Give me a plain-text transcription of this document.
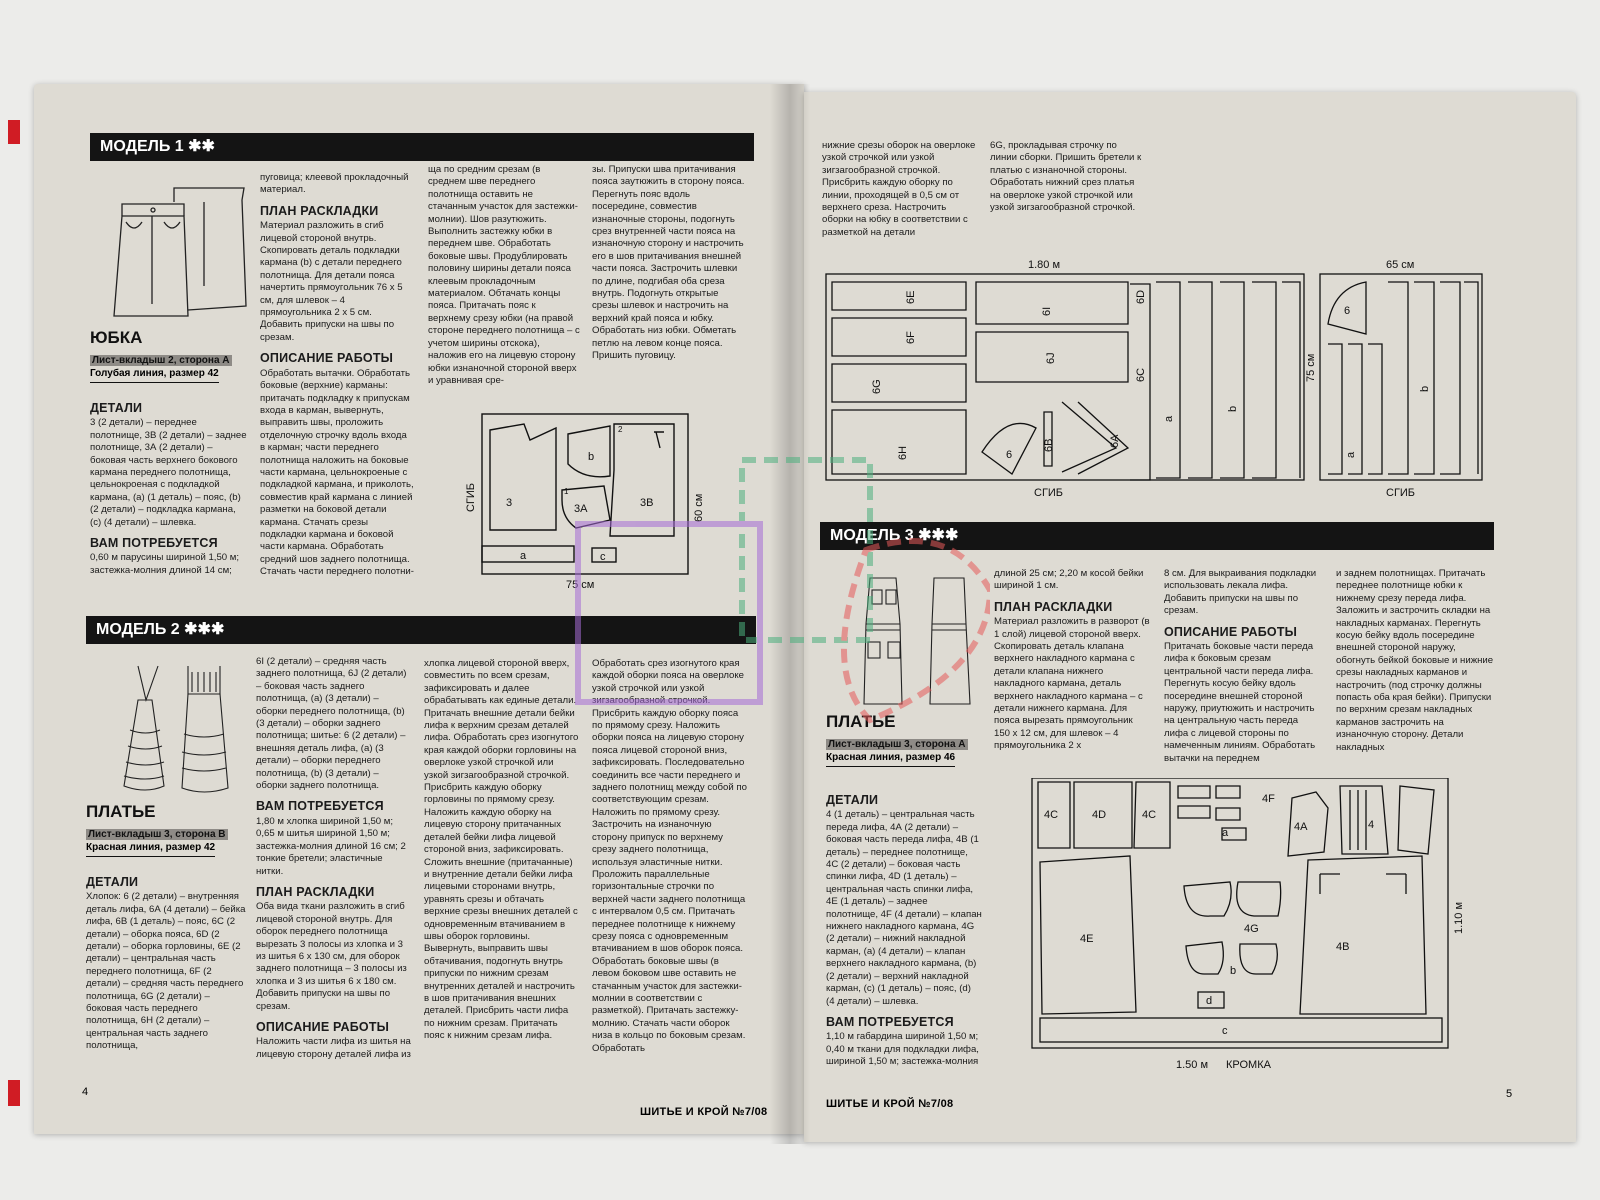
МОДЕЛЬ 1 ✱✱
ЮБКА
Лист-вкладыш 2, сторона А
Голубая линия, размер 42
ДЕТАЛИ

3 (2 детали) – переднее полотнище, 3В (2 детали) – заднее полотнище, 3А (2 детали) – боковая часть верхнего бокового кармана переднего полотнища, цельнокроеная с подкладкой кармана, (а) (1 деталь) – пояс, (b) (2 детали) – подкладка кармана, (с) (4 детали) – шлевка.

ВАМ ПОТРЕБУЕТСЯ

0,60 м парусины шириной 1,50 м; застежка-молния длиной 14 см;

пуговица; клеевой прокладочный материал.

ПЛАН РАСКЛАДКИ

Материал разложить в сгиб лицевой стороной внутрь. Скопировать деталь подкладки кармана (b) с детали переднего полотнища. Для детали пояса начертить прямоугольник 76 х 5 см, для шлевок – 4 прямоугольника 2 х 5 см. Добавить припуски на швы по срезам.

ОПИСАНИЕ РАБОТЫ

Обработать вытачки. Обработать боковые (верхние) карманы: притачать подкладку к припускам входа в карман, вывернуть, выправить швы, проложить отделочную строчку вдоль входа в карман; части переднего полотнища наложить на боковые части кармана, цельнокроеные с подкладкой кармана, и приколоть, совместив край кармана с линией разметки на боковой детали кармана. Стачать срезы подкладки кармана и боковой части кармана. Обработать средний шов заднего полотнища. Стачать части переднего полотни-

ща по средним срезам (в среднем шве переднего полотнища оставить не стачанным участок для застежки-молнии). Шов разутюжить. Выполнить застежку юбки в переднем шве. Обработать боковые швы. Продублировать половину ширины детали пояса клеевым прокладочным материалом. Обтачать концы пояса. Притачать пояс к верхнему срезу юбки (на правой стороне переднего полотнища – с учетом ширины отскока), наложив его на лицевую сторону юбки изнаночной стороной вверх и уравнивая сре-

зы. Припуски шва притачивания пояса заутюжить в сторону пояса. Перегнуть пояс вдоль посередине, совместив изнаночные стороны, подогнуть срез внутренней части пояса на изнаночную сторону и настрочить его в шов притачивания внешней части пояса. Застрочить шлевки по длине, подгибая оба среза внутрь. Подогнуть открытые срезы шлевок и настрочить на верхний край пояса и юбку. Обработать низ юбки. Обметать петлю на левом конце пояса. Пришить пуговицу.

3	3А	3В
b
a	c
1
2
75 см
СГИБ	60 см
МОДЕЛЬ 2 ✱✱✱
ПЛАТЬЕ
Лист-вкладыш 3, сторона В
Красная линия, размер 42
ДЕТАЛИ

Хлопок: 6 (2 детали) – внутренняя деталь лифа, 6А (4 детали) – бейка лифа, 6В (1 деталь) – пояс, 6С (2 детали) – оборка пояса, 6D (2 детали) – оборка горловины, 6Е (2 детали) – центральная часть переднего полотнища, 6F (2 детали) – средняя часть переднего полотнища, 6G (2 детали) – боковая часть переднего полотнища, 6Н (2 детали) – центральная часть заднего полотнища,

6I (2 детали) – средняя часть заднего полотнища, 6J (2 детали) – боковая часть заднего полотнища, (а) (3 детали) – оборки переднего полотнища, (b) (3 детали) – оборки заднего полотнища; шитье: 6 (2 детали) – внешняя деталь лифа, (а) (3 детали) – оборки переднего полотнища, (b) (3 детали) – оборки заднего полотнища.

ВАМ ПОТРЕБУЕТСЯ

1,80 м хлопка шириной 1,50 м; 0,65 м шитья шириной 1,50 м; застежка-молния длиной 16 см; 2 тонкие бретели; эластичные нитки.

ПЛАН РАСКЛАДКИ

Оба вида ткани разложить в сгиб лицевой стороной внутрь. Для оборок переднего полотнища вырезать 3 полосы из хлопка и 3 из шитья 6 х 130 см, для оборок заднего полотнища – 3 полосы из хлопка и 3 из шитья 6 х 180 см. Добавить припуски на швы по срезам.

ОПИСАНИЕ РАБОТЫ

Наложить части лифа из шитья на лицевую сторону деталей лифа из

хлопка лицевой стороной вверх, совместить по всем срезам, зафиксировать и далее обрабатывать как единые детали. Притачать внешние детали бейки лифа к верхним срезам деталей лифа. Обработать срез изогнутого края каждой оборки горловины на оверлоке узкой строчкой или узкой зигзагообразной строчкой. Присбрить каждую оборку горловины по прямому срезу. Наложить каждую оборку на лицевую сторону притачанных деталей бейки лифа лицевой стороной вниз, зафиксировать. Сложить внешние (притачанные) и внутренние детали бейки лифа лицевыми сторонами внутрь, уравнять срезы и обтачать верхние срезы внешних деталей с одновременным втачиванием в швы оборок горловины. Вывернуть, выправить швы обтачивания, подогнуть внутрь припуски по нижним срезам внутренних деталей и настрочить в шов притачивания внешних деталей. Присбрить части лифа по нижним срезам. Притачать пояс к нижним срезам лифа.

Обработать срез изогнутого края каждой оборки пояса на оверлоке узкой строчкой или узкой зигзагообразной строчкой. Присбрить каждую оборку пояса по прямому срезу. Наложить оборки пояса на лицевую сторону пояса лицевой стороной вниз, зафиксировать. Последовательно соединить все части переднего и заднего полотнищ между собой по соответствующим срезам. Наложить по прямому срезу. Застрочить на изнаночную сторону припуск по верхнему срезу заднего полотнища, используя эластичные нитки. Проложить параллельные горизонтальные строчки по верхней части заднего полотнища с интервалом 0,5 см. Притачать переднее полотнище к нижнему срезу пояса с одновременным втачиванием в шов оборок пояса. Обработать боковые швы (в левом боковом шве оставить не стачанным участок для застежки-молнии в соответствии с разметкой). Притачать застежку-молнию. Стачать части оборок низа в кольцо по боковым срезам. Обработать

4
ШИТЬЕ И КРОЙ №7/08

нижние срезы оборок на оверлоке узкой строчкой или узкой зигзагообразной строчкой. Присбрить каждую оборку по линии, проходящей в 0,5 см от верхнего среза. Настрочить оборки на юбку в соответствии с разметкой на детали

6G, прокладывая строчку по линии сборки. Пришить бретели к платью с изнаночной стороны. Обработать нижний срез платья на оверлоке узкой строчкой или узкой зигзагообразной строчкой.

1.80 м
СГИБ
6E
6F
6G
6H
6I
6J
6D
6C
6B	6A
6
a
b
65 см
СГИБ
75 см
6
a
b
МОДЕЛЬ 3 ✱✱✱
ПЛАТЬЕ
Лист-вкладыш 3, сторона А
Красная линия, размер 46
ДЕТАЛИ

4 (1 деталь) – центральная часть переда лифа, 4А (2 детали) – боковая часть переда лифа, 4В (1 деталь) – переднее полотнище, 4С (2 детали) – боковая часть спинки лифа, 4D (1 деталь) – центральная часть спинки лифа, 4Е (1 деталь) – заднее полотнище, 4F (4 детали) – клапан нижнего накладного кармана, 4G (2 детали) – нижний накладной карман, (а) (4 детали) – клапан верхнего накладного кармана, (b) (2 детали) – верхний накладной карман, (с) (1 деталь) – пояс, (d) (4 детали) – шлевка.

ВАМ ПОТРЕБУЕТСЯ

1,10 м габардина шириной 1,50 м; 0,40 м ткани для подкладки лифа, шириной 1,50 м; застежка-молния

длиной 25 см; 2,20 м косой бейки шириной 1 см.

ПЛАН РАСКЛАДКИ

Материал разложить в разворот (в 1 слой) лицевой стороной вверх. Скопировать деталь клапана верхнего накладного кармана с детали клапана нижнего накладного кармана, деталь верхнего накладного кармана – с детали нижнего кармана. Для пояса вырезать прямоугольник 150 х 12 см, для шлевок – 4 прямоугольника 2 х

8 см. Для выкраивания подкладки использовать лекала лифа. Добавить припуски на швы по срезам.

ОПИСАНИЕ РАБОТЫ

Притачать боковые части переда лифа к боковым срезам центральной части переда лифа. Перегнуть косую бейку вдоль посередине внешней стороной наружу, приутюжить и настрочить на центральную часть переда лифа с лицевой стороны по намеченным линиям. Обработать вытачки на переднем

и заднем полотнищах. Притачать переднее полотнище юбки к нижнему срезу переда лифа. Заложить и застрочить складки на накладных карманах. Перегнуть косую бейку вдоль посередине внешней стороной наружу, обогнуть бейкой боковые и нижние срезы накладных карманов и настрочить (под строчку должны попасть оба края бейки). Припуски по верхним срезам накладных карманов застрочить на изнаночную сторону. Детали накладных

4C	4D	4C
4F
4A	4
4E
4G
4B
a
b
c
d
1.50 м КРОМКА
1.10 м
5
ШИТЬЕ И КРОЙ №7/08
